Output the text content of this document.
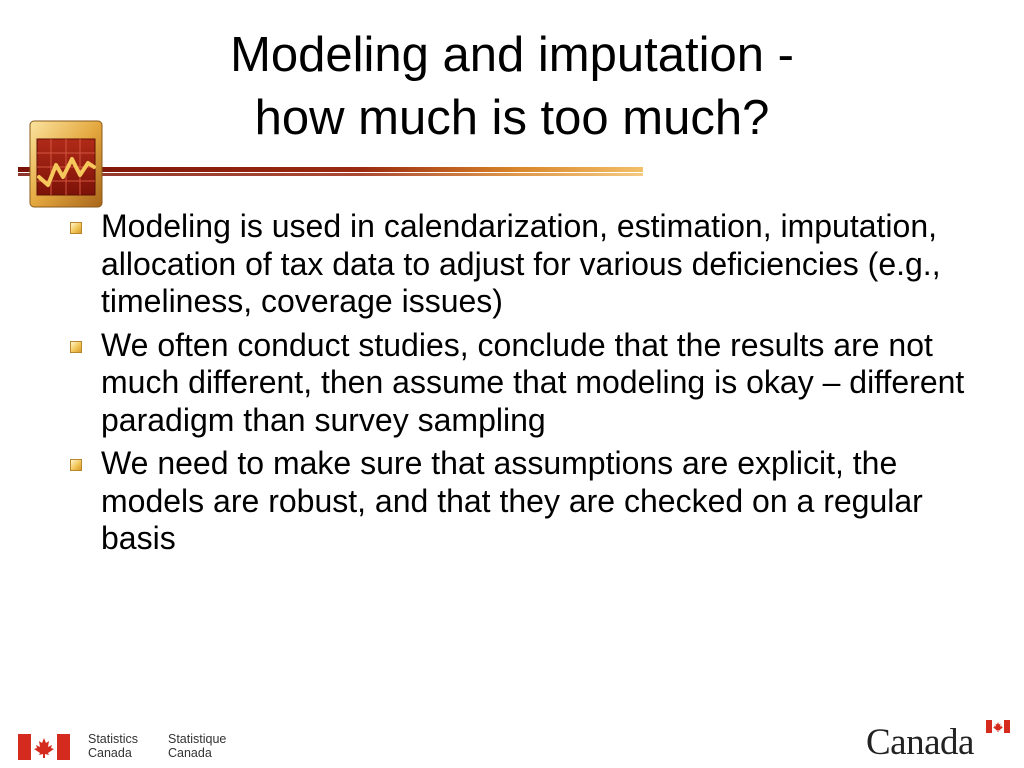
Modeling and imputation -
how much is too much?
Modeling is used in calendarization, estimation, imputation, allocation of tax data to adjust for various deficiencies (e.g., timeliness, coverage issues)
We often conduct studies, conclude that the results are not much different, then assume that modeling is okay – different paradigm than survey sampling
We need to make sure that assumptions are explicit, the models are robust, and that they are checked on a regular basis
Statistics
Canada
Statistique
Canada	Canada
